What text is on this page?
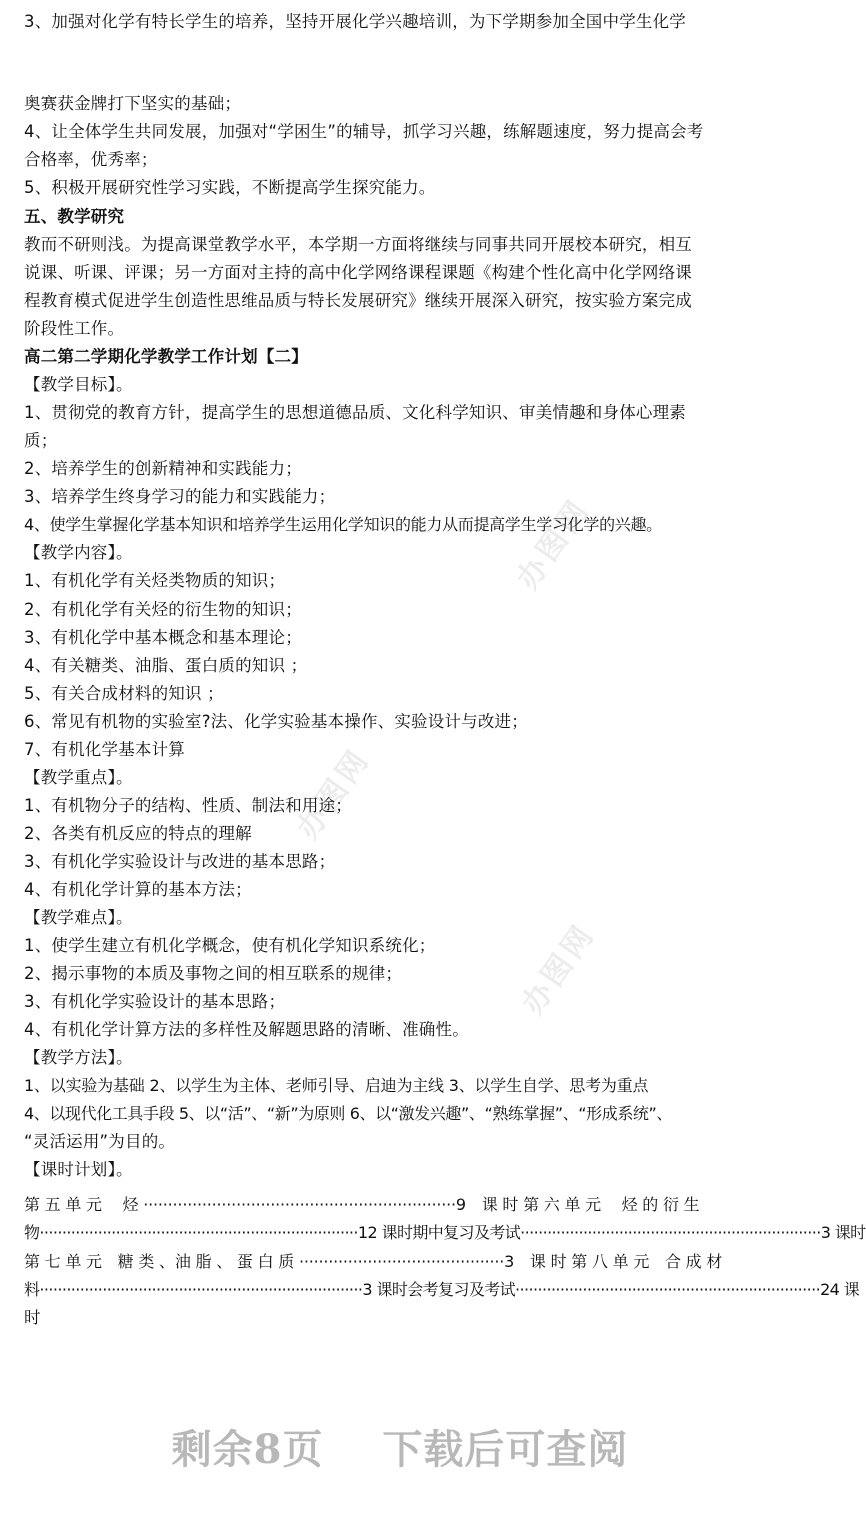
办图网
办图网
办图网
3、加强对化学有特长学生的培养，坚持开展化学兴趣培训，为下学期参加全国中学生化学
奥赛获金牌打下坚实的基础；
4、让全体学生共同发展，加强对“学困生”的辅导，抓学习兴趣，练解题速度，努力提高会考
合格率，优秀率；
5、积极开展研究性学习实践，不断提高学生探究能力。
五、教学研究
教而不研则浅。为提高课堂教学水平，本学期一方面将继续与同事共同开展校本研究，相互
说课、听课、评课；另一方面对主持的高中化学网络课程课题《构建个性化高中化学网络课
程教育模式促进学生创造性思维品质与特长发展研究》继续开展深入研究，按实验方案完成
阶段性工作。
高二第二学期化学教学工作计划【二】
【教学目标】。
1、贯彻党的教育方针，提高学生的思想道德品质、文化科学知识、审美情趣和身体心理素
质；
2、培养学生的创新精神和实践能力；
3、培养学生终身学习的能力和实践能力；
4、使学生掌握化学基本知识和培养学生运用化学知识的能力从而提高学生学习化学的兴趣。
【教学内容】。
1、有机化学有关烃类物质的知识；
2、有机化学有关烃的衍生物的知识；
3、有机化学中基本概念和基本理论；
4、有关糖类、油脂、蛋白质的知识 ；
5、有关合成材料的知识 ；
6、常见有机物的实验室?法、化学实验基本操作、实验设计与改进；
7、有机化学基本计算
【教学重点】。
1、有机物分子的结构、性质、制法和用途；
2、各类有机反应的特点的理解
3、有机化学实验设计与改进的基本思路；
4、有机化学计算的基本方法；
【教学难点】。
1、使学生建立有机化学概念，使有机化学知识系统化；
2、揭示事物的本质及事物之间的相互联系的规律；
3、有机化学实验设计的基本思路；
4、有机化学计算方法的多样性及解题思路的清晰、准确性。
【教学方法】。
1、以实验为基础 2、以学生为主体、老师引导、启迪为主线 3、以学生自学、思考为重点
4、以现代化工具手段 5、以“活”、“新”为原则 6、以“激发兴趣”、“熟练掌握”、“形成系统”、
“灵活运用”为目的。
【课时计划】。
第 五 单 元　 烃 ································································9　课 时 第 六 单 元　 烃 的 衍 生
物·······································································12 课时期中复习及考试···································································3 课时
第 七 单 元　糖 类 、油 脂 、 蛋 白 质 ··········································3　课 时 第 八 单 元　合 成 材
料········································································3 课时会考复习及考试····································································24 课
时
剩余8页 下载后可查阅
